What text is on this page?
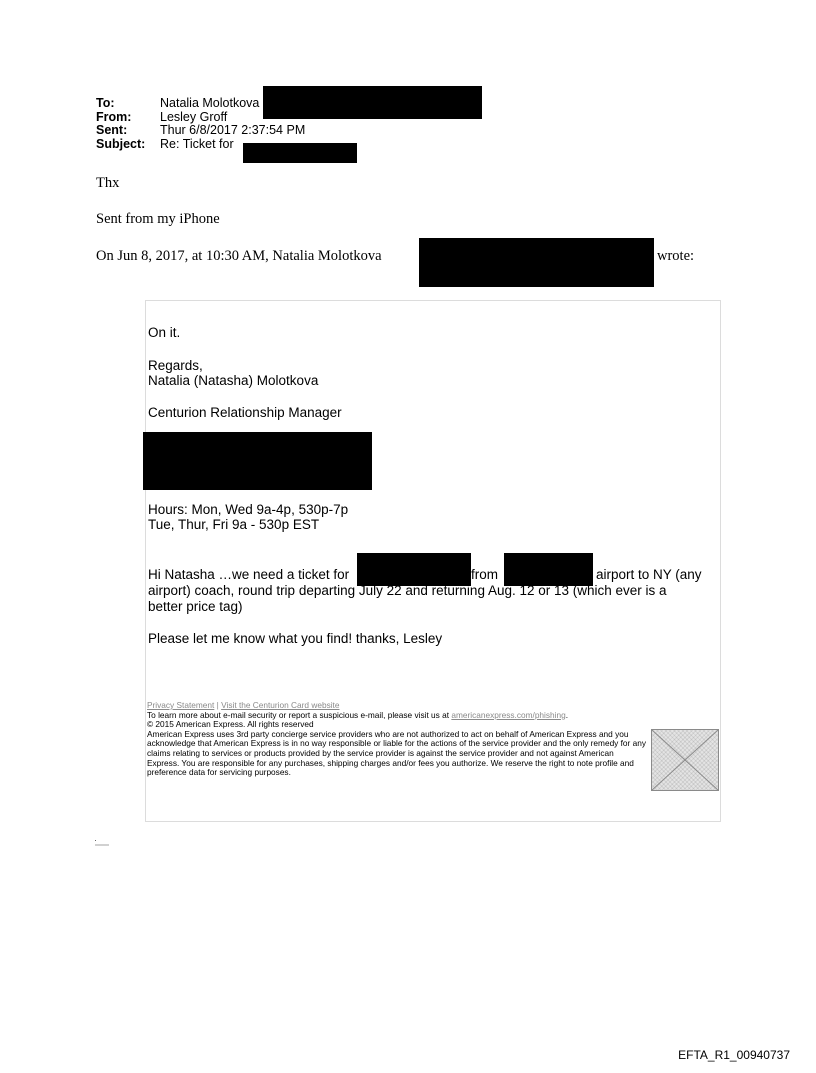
To:	Natalia Molotkova
From:	Lesley Groff
Sent:	Thur 6/8/2017 2:37:54 PM
Subject:	Re: Ticket for
Thx
Sent from my iPhone
On Jun 8, 2017, at 10:30 AM, Natalia Molotkova	wrote:
On it.
Regards,
Natalia (Natasha) Molotkova
Centurion Relationship Manager
Hours: Mon, Wed 9a-4p, 530p-7p
Tue, Thur, Fri 9a - 530p EST
Hi Natasha …we need a ticket for	from	airport to NY (any
airport) coach, round trip departing July 22 and returning Aug. 12 or 13 (which ever is a
better price tag)
Please let me know what you find! thanks, Lesley
Privacy Statement | Visit the Centurion Card website
To learn more about e-mail security or report a suspicious e-mail, please visit us at americanexpress.com/phishing.
© 2015 American Express. All rights reserved
American Express uses 3rd party concierge service providers who are not authorized to act on behalf of American Express and you acknowledge that American Express is in no way responsible or liable for the actions of the service provider and the only remedy for any claims relating to services or products provided by the service provider is against the service provider and not against American Express. You are responsible for any purchases, shipping charges and/or fees you authorize. We reserve the right to note profile and preference data for servicing purposes.
EFTA_R1_00940737
